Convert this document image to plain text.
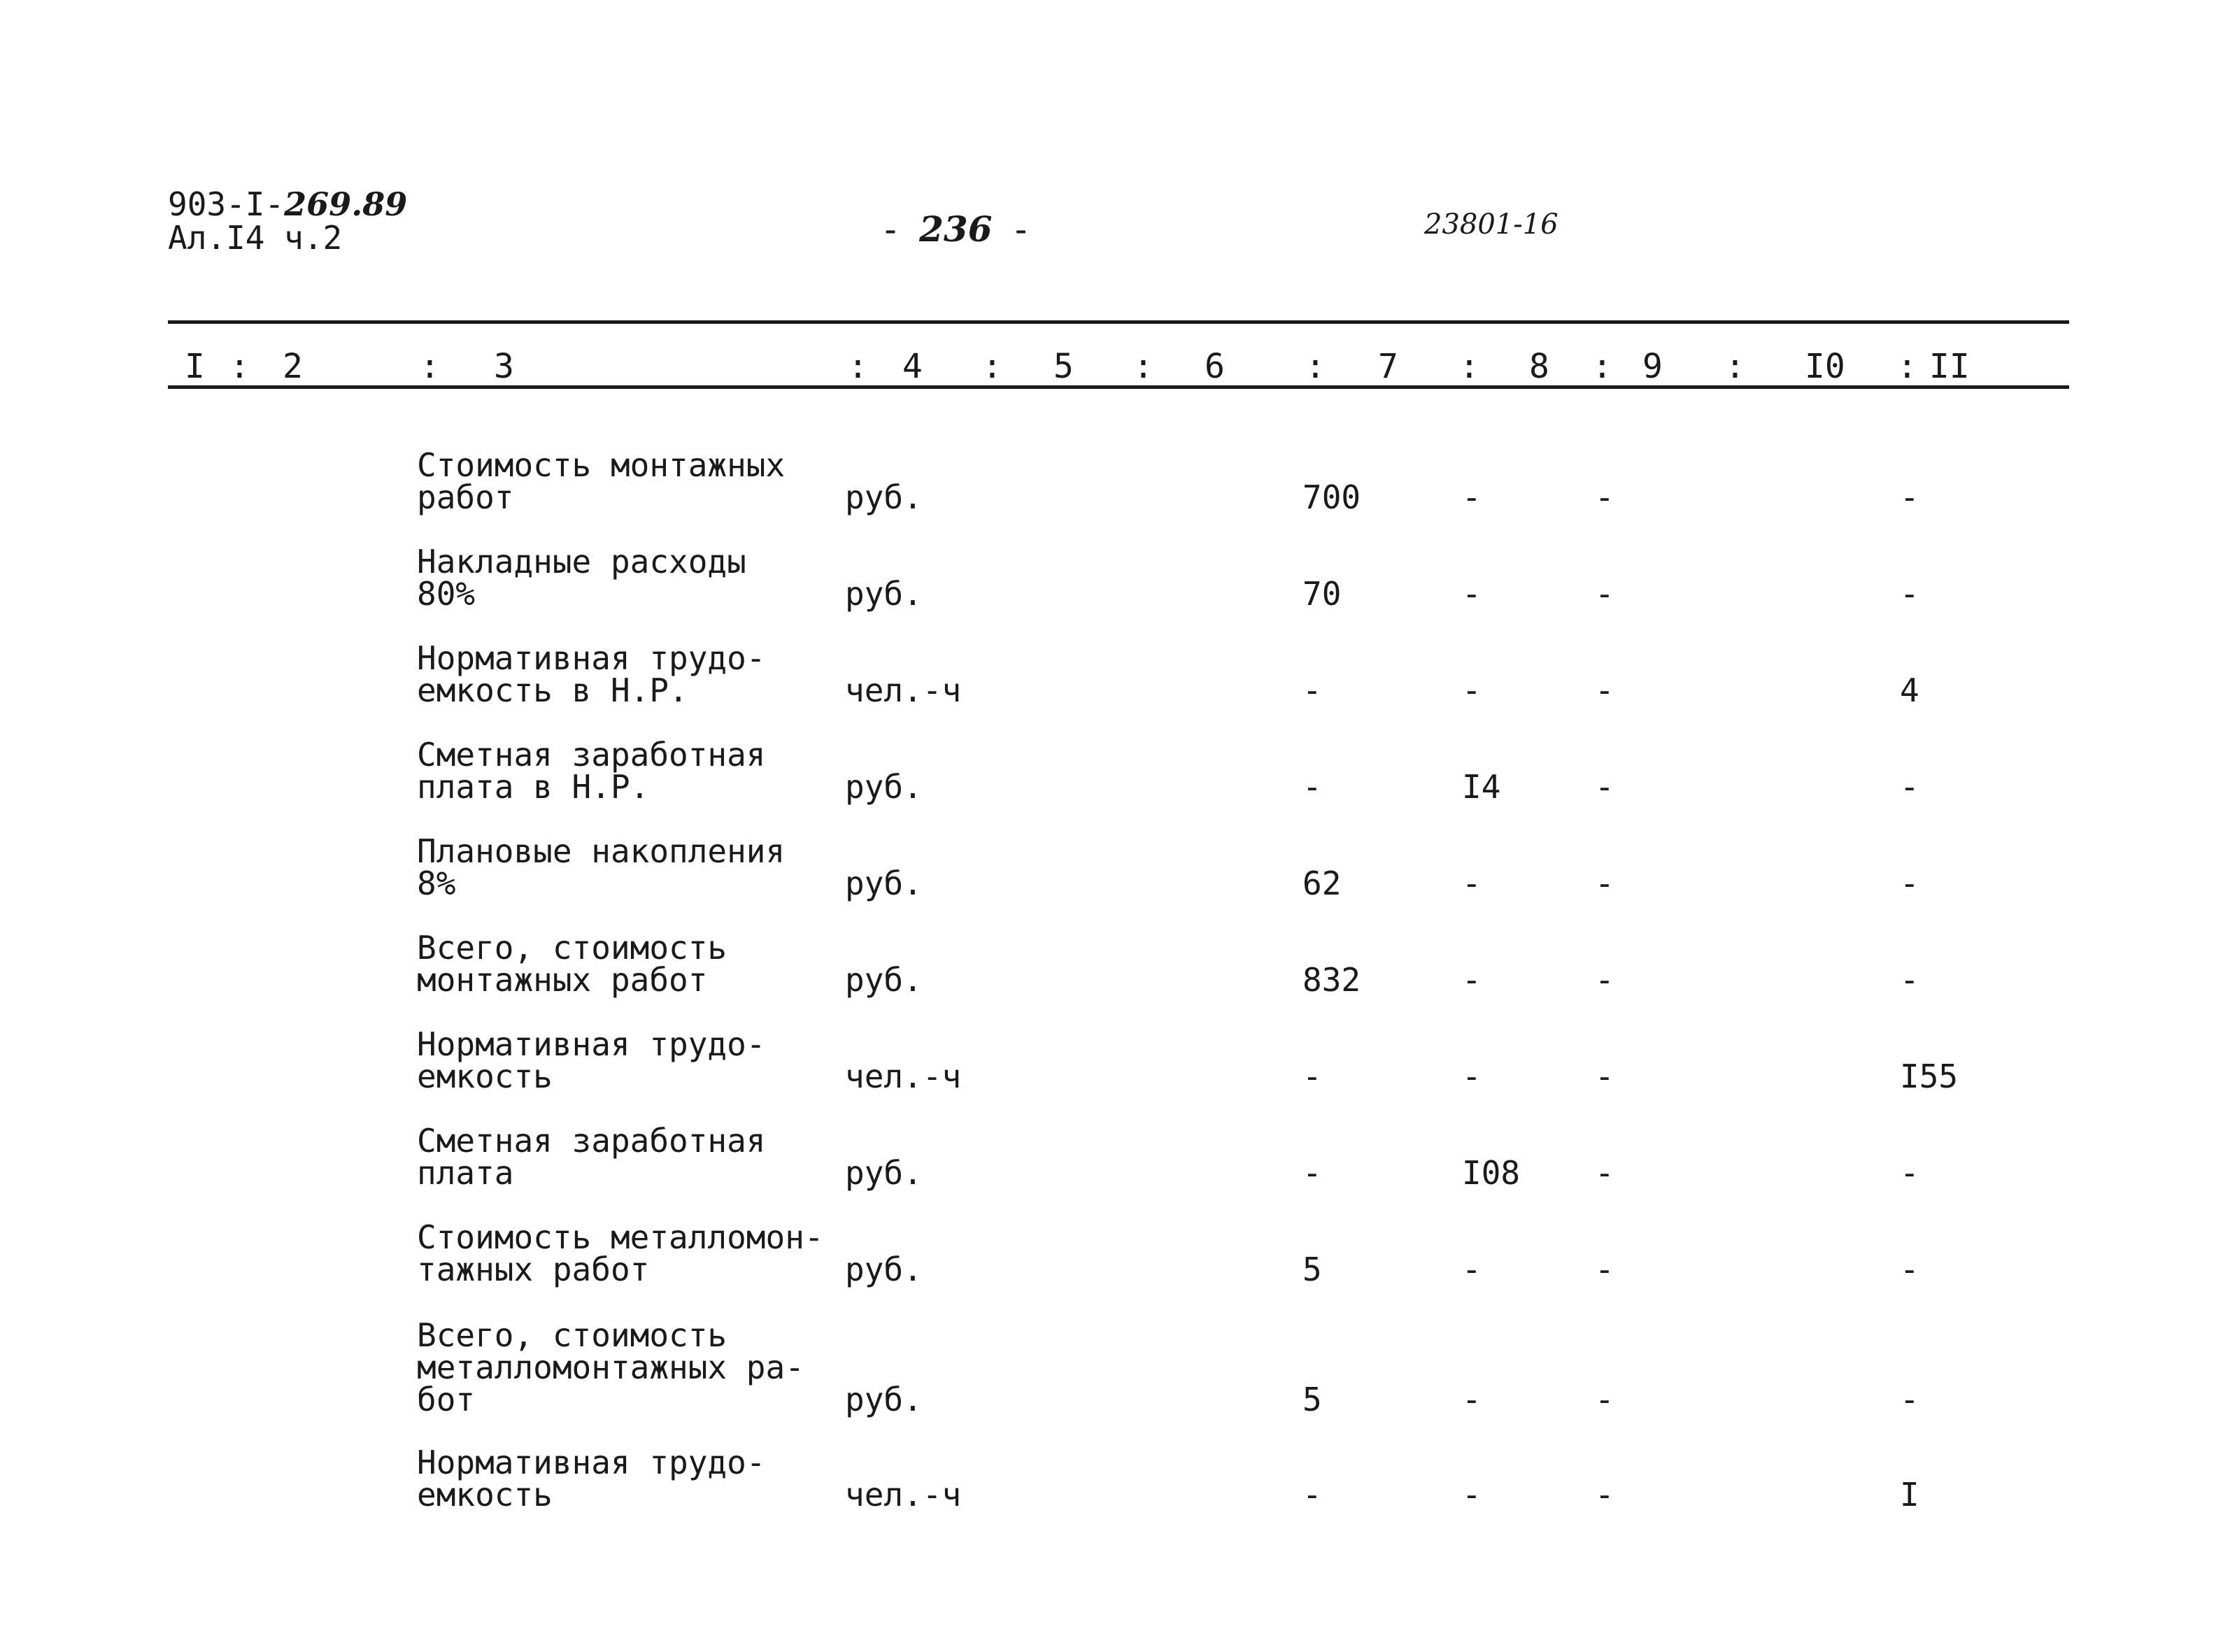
903-I-269.89
Ал.I4 ч.2	- 236 -	23801-16
I : 2	: 3	: 4 : 5 : 6 : 7 : 8 : 9 : I0 : II
Стоимость монтажных
работ	руб.	700	-	-	-
Накладные расходы
80%	руб.	70	-	-	-
Нормативная трудо-
емкость в Н.Р.	чел.-ч	-	-	-	4
Сметная заработная
плата в Н.Р.	руб.	-	I4	-	-
Плановые накопления
8%	руб.	62	-	-	-
Всего, стоимость
монтажных работ	руб.	832	-	-	-
Нормативная трудо-
емкость	чел.-ч	-	-	-	I55
Сметная заработная
плата	руб.	-	I08 -	-
Стоимость металломон-
тажных работ	руб.	5	-	-	-
Всего, стоимость
металломонтажных ра-
бот	руб.	5	-	-	-
Нормативная трудо-
емкость	чел.-ч	-	-	-	I
